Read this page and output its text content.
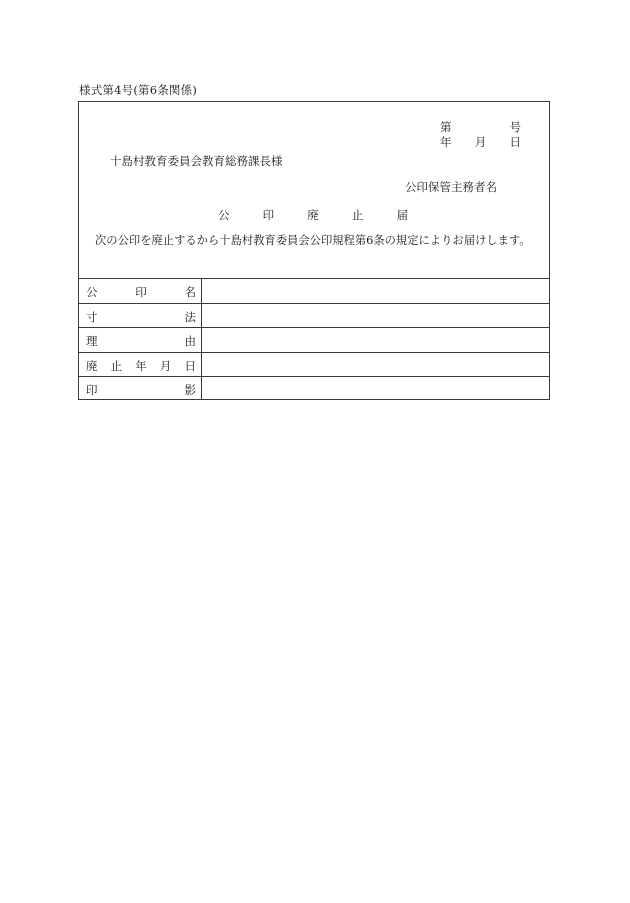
様式第4号(第6条関係)
第	号
年 月 日
十島村教育委員会教育総務課長様
公印保管主務者名
公	印	廃	止	届
次の公印を廃止するから十島村教育委員会公印規程第6条の規定によりお届けします。
公	印	名
寸	法
理	由
廃 止 年 月 日
印	影
